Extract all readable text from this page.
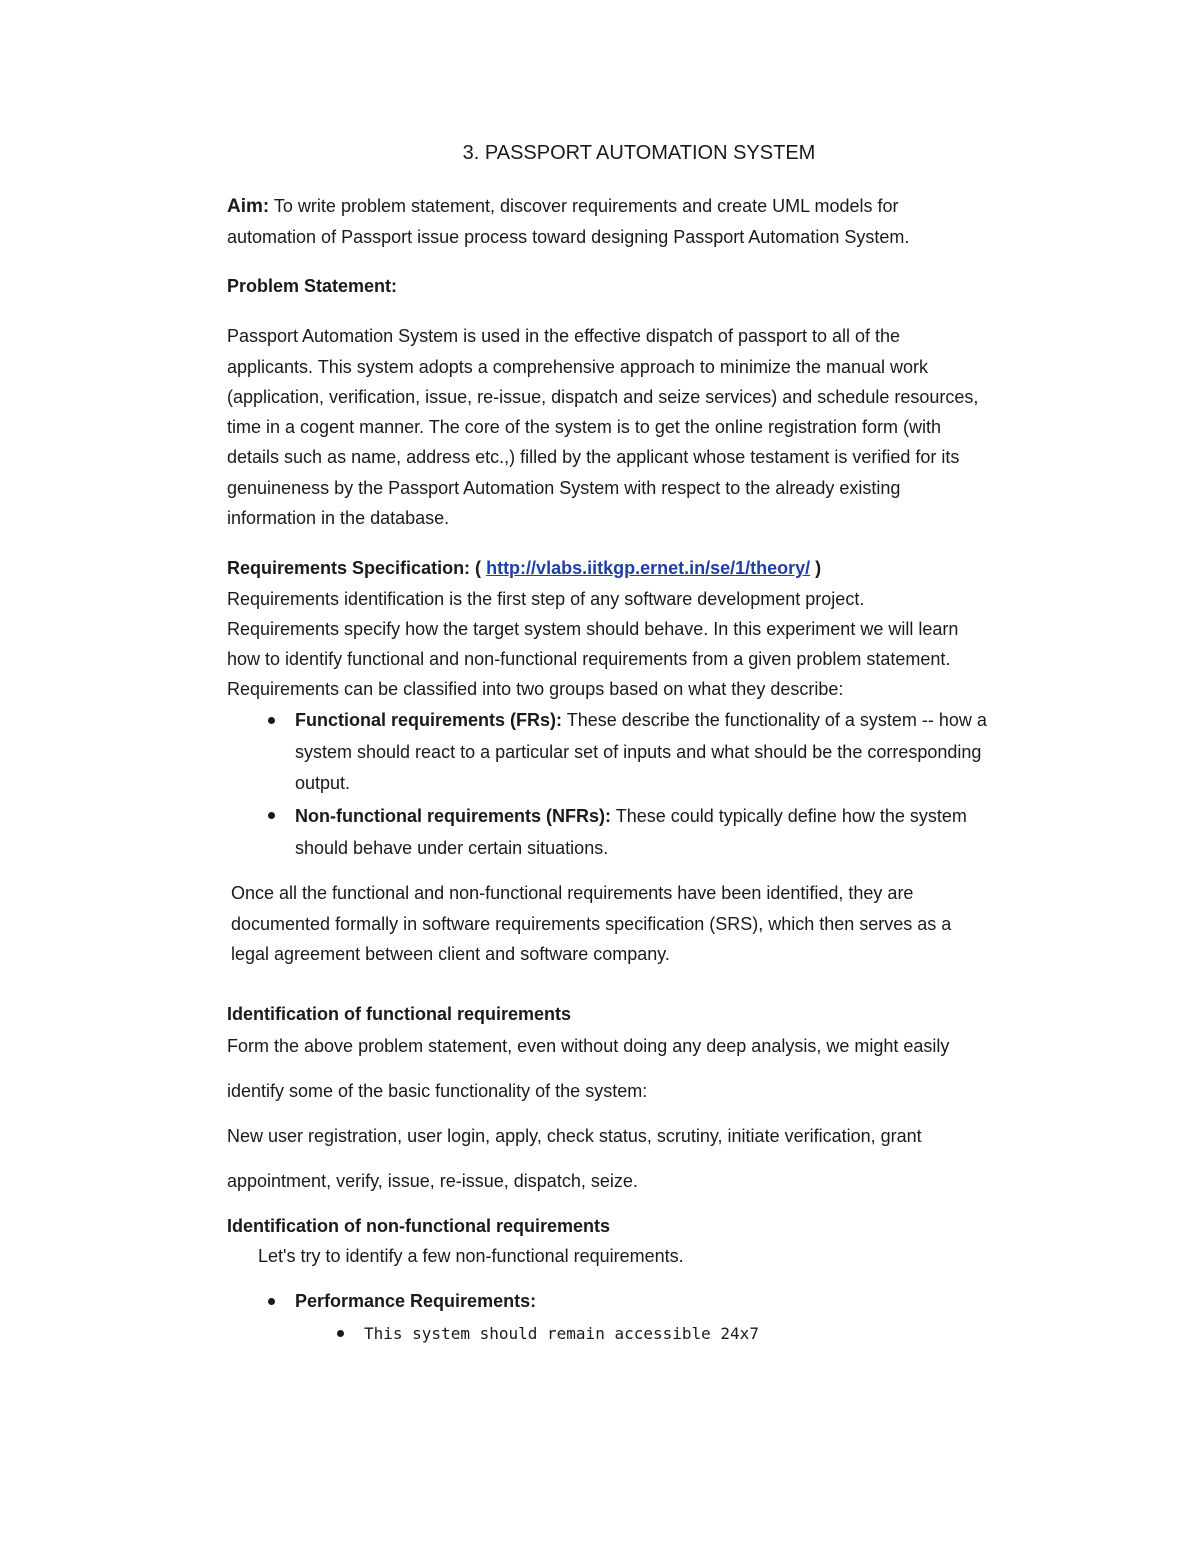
3. PASSPORT AUTOMATION SYSTEM
Aim: To write problem statement, discover requirements and create UML models for
automation of Passport issue process toward designing Passport Automation System.
Problem Statement:
Passport Automation System is used in the effective dispatch of passport to all of the
applicants. This system adopts a comprehensive approach to minimize the manual work
(application, verification, issue, re-issue, dispatch and seize services) and schedule resources,
time in a cogent manner. The core of the system is to get the online registration form (with
details such as name, address etc.,) filled by the applicant whose testament is verified for its
genuineness by the Passport Automation System with respect to the already existing
information in the database.
Requirements Specification: ( http://vlabs.iitkgp.ernet.in/se/1/theory/ )
Requirements identification is the first step of any software development project.
Requirements specify how the target system should behave. In this experiment we will learn
how to identify functional and non-functional requirements from a given problem statement.
Requirements can be classified into two groups based on what they describe:
Functional requirements (FRs): These describe the functionality of a system -- how a
system should react to a particular set of inputs and what should be the corresponding
output.
Non-functional requirements (NFRs): These could typically define how the system
should behave under certain situations.
Once all the functional and non-functional requirements have been identified, they are
documented formally in software requirements specification (SRS), which then serves as a
legal agreement between client and software company.
Identification of functional requirements
Form the above problem statement, even without doing any deep analysis, we might easily
identify some of the basic functionality of the system:
New user registration, user login, apply, check status, scrutiny, initiate verification, grant
appointment, verify, issue, re-issue, dispatch, seize.
Identification of non-functional requirements
Let's try to identify a few non-functional requirements.
Performance Requirements:
This system should remain accessible 24x7
